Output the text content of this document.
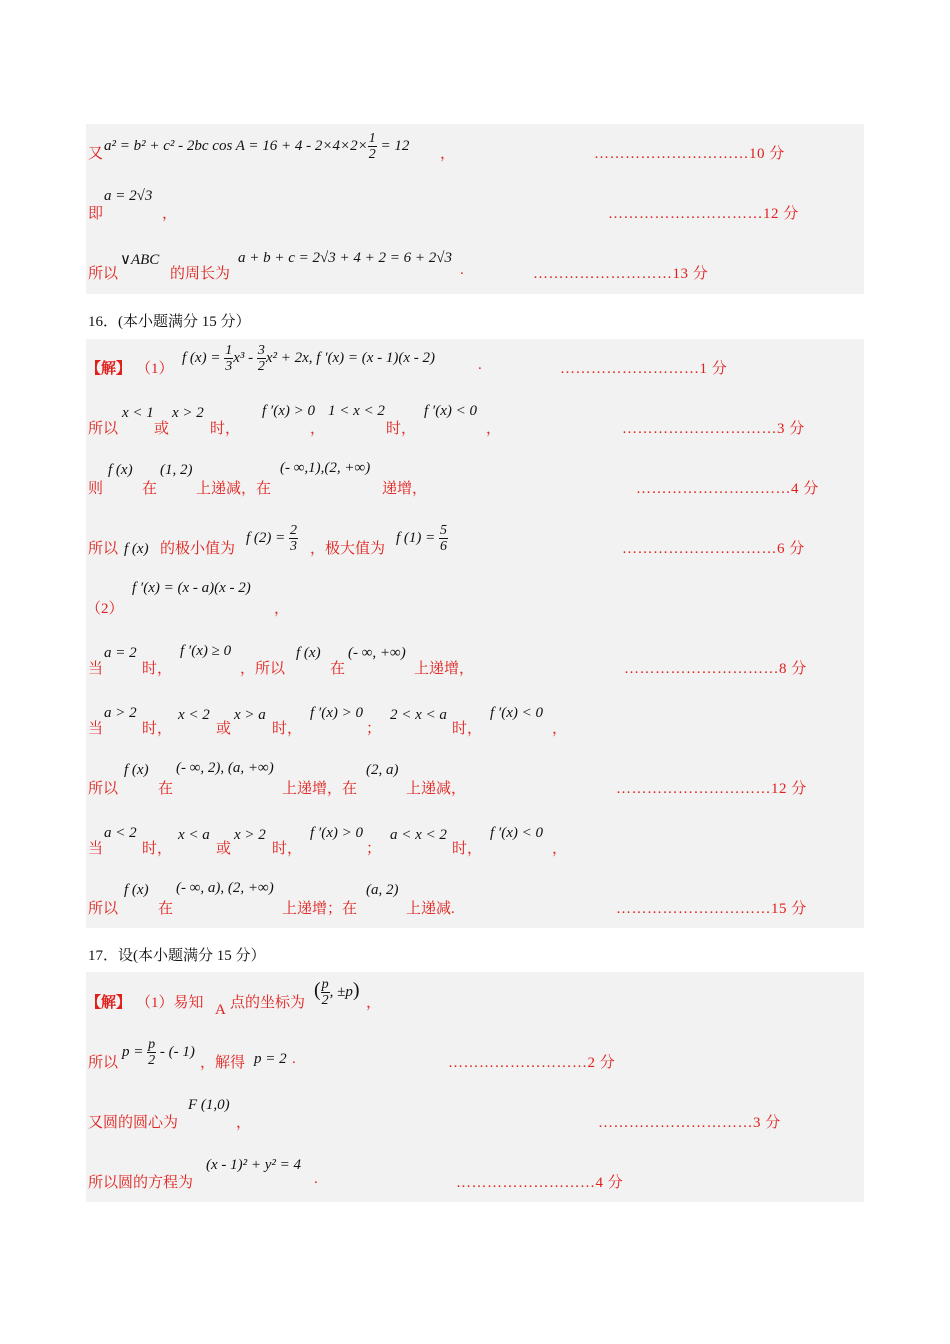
又
a² = b² + c² - 2bc $\cos A = 16 + 4 - 2\times 4\times 2\times \frac{1}{2} = 12$
，	…………………………10 分
即
a = 2√3
，	…………………………12 分
所以
∨ABC
的周长为
a + b + c = 2√3 + 4 + 2 = 6 + 2√3
.	………………………13 分
16．(本小题满分 15 分）
【解】 （1）
f $(x) = \frac{1}{3} x^3 - \frac{3}{2} x^2 + 2x$, f ′(x) = (x - 1)(x - 2)	.	………………………1 分
所以
x < 1
或
x > 2
时，
f ′(x) > 0
，
1 < x < 2
时，
f ′(x) < 0
，	…………………………3 分
则
f (x)
在
(1, 2)
上递减，在
(- ∞,1),(2, +∞)
递增，	…………………………4 分
所以 f (x) 的极小值为
f $(2) = \frac{2}{3}$ ，极大值为
f $(1) = \frac{5}{6}$	…………………………6 分
（2）
f ′(x) = (x - a)(x - 2)
，
当
a = 2
时，
f ′(x) ≥ 0
，所以
f (x)
在
(- ∞, +∞)
上递增，	…………………………8 分
当
a > 2
时，
x < 2
或
x > a
时，
f ′(x) > 0
；
2 < x < a
时，
f ′(x) < 0
，
所以
f (x)
在
(- ∞, 2), (a, +∞)
上递增，在
(2, a)
上递减，	…………………………12 分
当
a < 2
时，
x < a
或
x > 2
时，
f ′(x) > 0
；
a < x < 2
时，
f ′(x) < 0
，
所以
f (x)
在
(- ∞, a), (2, +∞)
上递增；在
(a, 2)
上递减.	…………………………15 分
17．设(本小题满分 15 分）
【解】 （1）易知 A 点的坐标为
( $\frac{p}{2}$ , ±p)
，
所以
$p = \frac{p}{2}$ - (- 1)
，解得 p = 2 .	………………………2 分
又圆的圆心为
F (1,0)
，	…………………………3 分
所以圆的方程为
(x - 1)² + y² = 4
.	………………………4 分
